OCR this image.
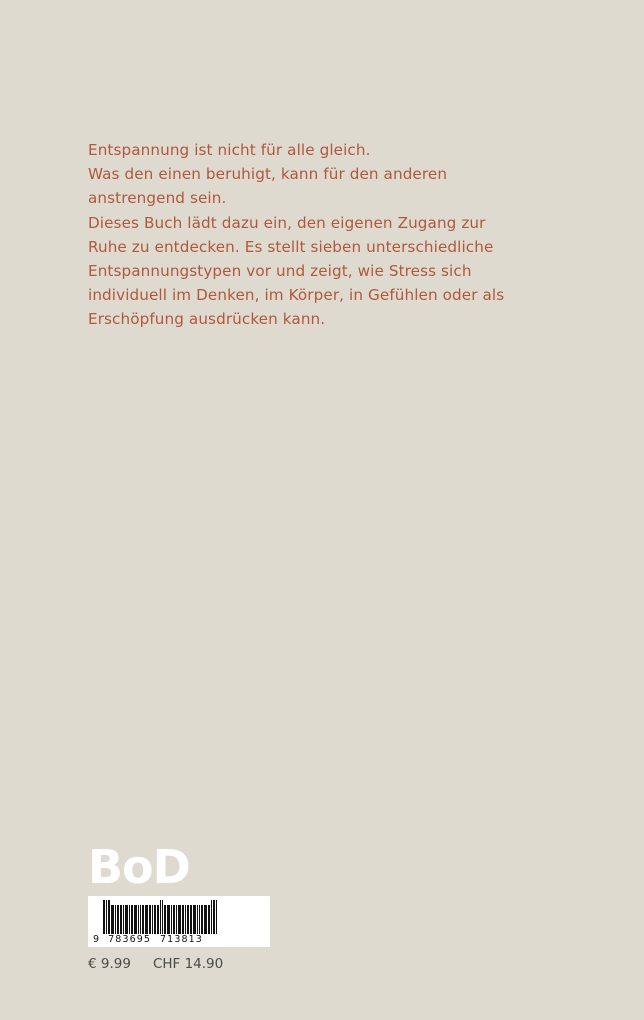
Entspannung ist nicht für alle gleich.

Was den einen beruhigt, kann für den anderen

anstrengend sein.

Dieses Buch lädt dazu ein, den eigenen Zugang zur

Ruhe zu entdecken. Es stellt sieben unterschiedliche

Entspannungstypen vor und zeigt, wie Stress sich

individuell im Denken, im Körper, in Gefühlen oder als

Erschöpfung ausdrücken kann.

BoD
9 783695 713813
€ 9.99 CHF 14.90
